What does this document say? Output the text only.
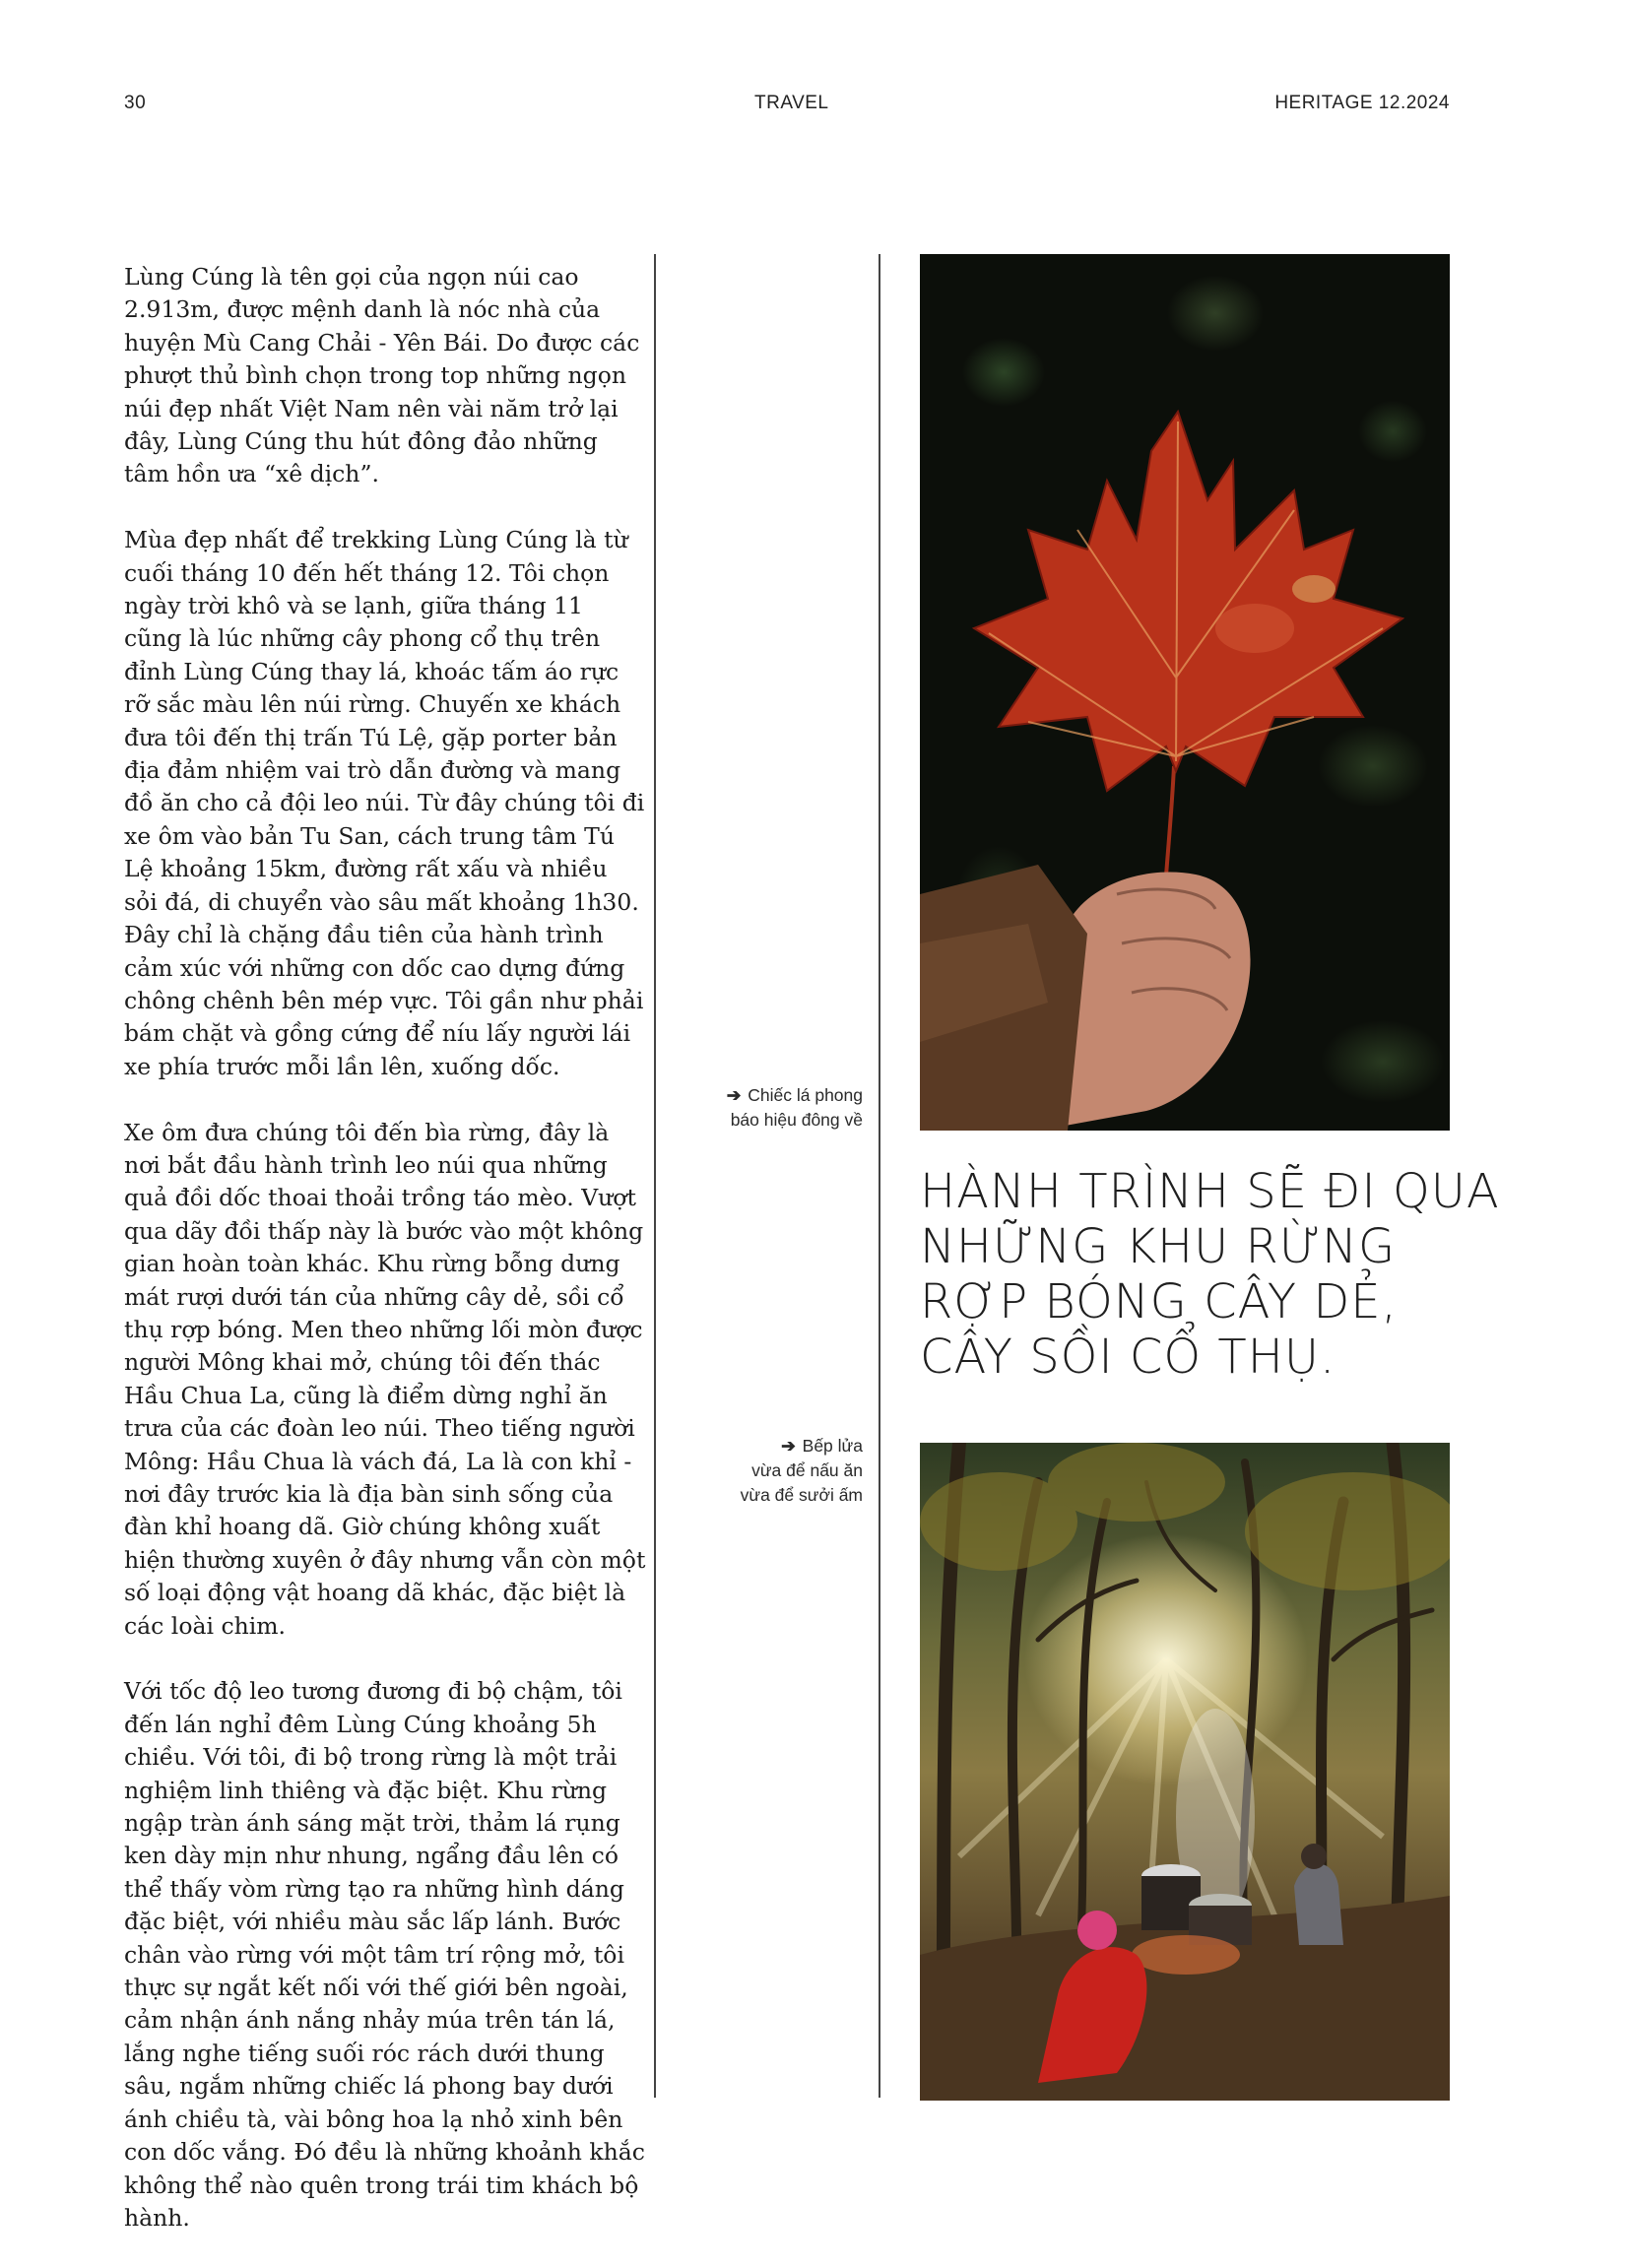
30	TRAVEL	HERITAGE 12.2024

Lùng Cúng là tên gọi của ngọn núi cao 2.913m, được mệnh danh là nóc nhà của huyện Mù Cang Chải - Yên Bái. Do được các phượt thủ bình chọn trong top những ngọn núi đẹp nhất Việt Nam nên vài năm trở lại đây, Lùng Cúng thu hút đông đảo những tâm hồn ưa “xê dịch”.

Mùa đẹp nhất để trekking Lùng Cúng là từ cuối tháng 10 đến hết tháng 12. Tôi chọn ngày trời khô và se lạnh, giữa tháng 11 cũng là lúc những cây phong cổ thụ trên đỉnh Lùng Cúng thay lá, khoác tấm áo rực rỡ sắc màu lên núi rừng. Chuyến xe khách đưa tôi đến thị trấn Tú Lệ, gặp porter bản địa đảm nhiệm vai trò dẫn đường và mang đồ ăn cho cả đội leo núi. Từ đây chúng tôi đi xe ôm vào bản Tu San, cách trung tâm Tú Lệ khoảng 15km, đường rất xấu và nhiều sỏi đá, di chuyển vào sâu mất khoảng 1h30. Đây chỉ là chặng đầu tiên của hành trình cảm xúc với những con dốc cao dựng đứng chông chênh bên mép vực. Tôi gần như phải bám chặt và gồng cứng để níu lấy người lái xe phía trước mỗi lần lên, xuống dốc.

Xe ôm đưa chúng tôi đến bìa rừng, đây là nơi bắt đầu hành trình leo núi qua những quả đồi dốc thoai thoải trồng táo mèo. Vượt qua dãy đồi thấp này là bước vào một không gian hoàn toàn khác. Khu rừng bỗng dưng mát rượi dưới tán của những cây dẻ, sồi cổ thụ rợp bóng. Men theo những lối mòn được người Mông khai mở, chúng tôi đến thác Hầu Chua La, cũng là điểm dừng nghỉ ăn trưa của các đoàn leo núi. Theo tiếng người Mông: Hầu Chua là vách đá, La là con khỉ - nơi đây trước kia là địa bàn sinh sống của đàn khỉ hoang dã. Giờ chúng không xuất hiện thường xuyên ở đây nhưng vẫn còn một số loại động vật hoang dã khác, đặc biệt là các loài chim.

Với tốc độ leo tương đương đi bộ chậm, tôi đến lán nghỉ đêm Lùng Cúng khoảng 5h chiều. Với tôi, đi bộ trong rừng là một trải nghiệm linh thiêng và đặc biệt. Khu rừng ngập tràn ánh sáng mặt trời, thảm lá rụng ken dày mịn như nhung, ngẩng đầu lên có thể thấy vòm rừng tạo ra những hình dáng đặc biệt, với nhiều màu sắc lấp lánh. Bước chân vào rừng với một tâm trí rộng mở, tôi thực sự ngắt kết nối với thế giới bên ngoài, cảm nhận ánh nắng nhảy múa trên tán lá, lắng nghe tiếng suối róc rách dưới thung sâu, ngắm những chiếc lá phong bay dưới ánh chiều tà, vài bông hoa lạ nhỏ xinh bên con dốc vắng. Đó đều là những khoảnh khắc không thể nào quên trong trái tim khách bộ hành.

➔ Chiếc lá phong
báo hiệu đông về
➔ Bếp lửa
vừa để nấu ăn
vừa để sưởi ấm
HÀNH TRÌNH SẼ ĐI QUA
NHỮNG KHU RỪNG
RỢP BÓNG CÂY DẺ,
CÂY SỒI CỔ THỤ.
